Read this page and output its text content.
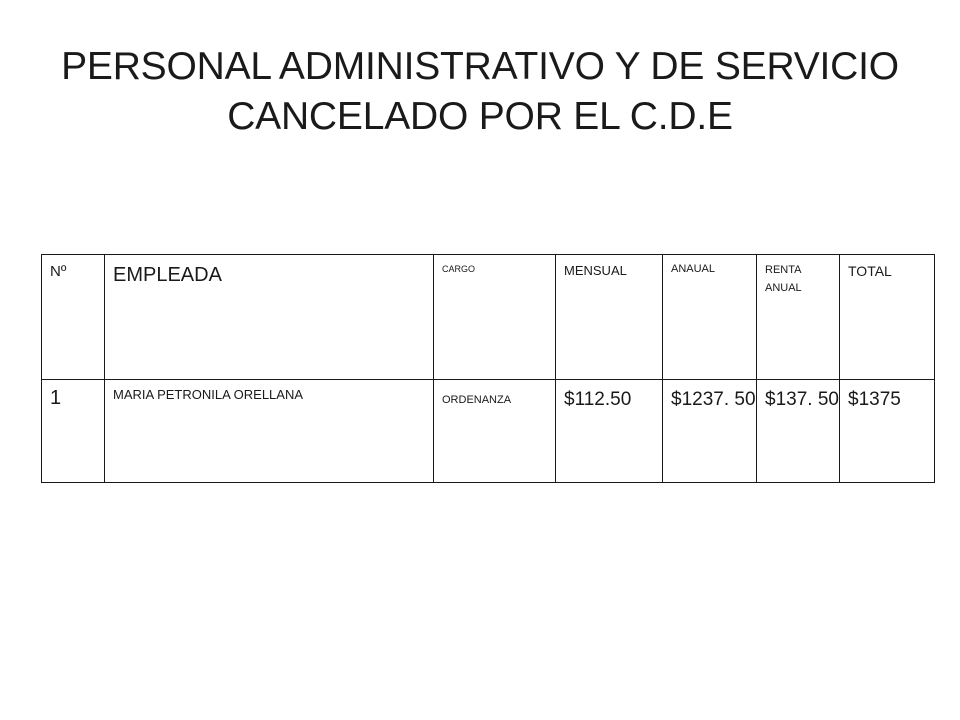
PERSONAL ADMINISTRATIVO Y DE SERVICIO
CANCELADO POR EL C.D.E
Nº	EMPLEADA	CARGO	MENSUAL	ANAUAL	RENTA ANUAL	TOTAL
1	MARIA PETRONILA ORELLANA	ORDENANZA	$112.50	$1237. 50	$137. 50	$1375
